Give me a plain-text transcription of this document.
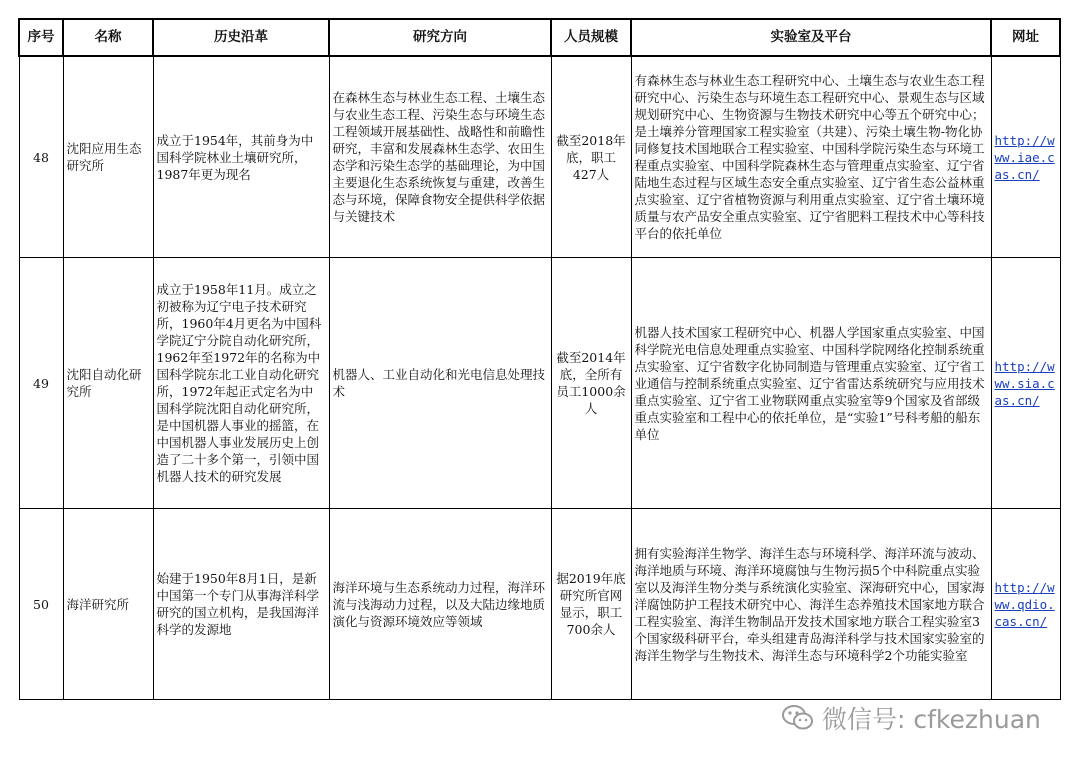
序号	名称	历史沿革	研究方向	人员规模	实验室及平台	网址
48	沈阳应用生态研究所	成立于1954年，其前身为中国科学院林业土壤研究所，1987年更为现名	在森林生态与林业生态工程、土壤生态与农业生态工程、污染生态与环境生态工程领域开展基础性、战略性和前瞻性研究，丰富和发展森林生态学、农田生态学和污染生态学的基础理论，为中国主要退化生态系统恢复与重建，改善生态与环境，保障食物安全提供科学依据与关键技术	截至2018年底，职工427人	有森林生态与林业生态工程研究中心、土壤生态与农业生态工程研究中心、污染生态与环境生态工程研究中心、景观生态与区域规划研究中心、生物资源与生物技术研究中心等五个研究中心；是土壤养分管理国家工程实验室（共建）、污染土壤生物-物化协同修复技术国地联合工程实验室、中国科学院污染生态与环境工程重点实验室、中国科学院森林生态与管理重点实验室、辽宁省陆地生态过程与区域生态安全重点实验室、辽宁省生态公益林重点实验室、辽宁省植物资源与利用重点实验室、辽宁省土壤环境质量与农产品安全重点实验室、辽宁省肥料工程技术中心等科技平台的依托单位	http://www.iae.cas.cn/
49	沈阳自动化研究所	成立于1958年11月。成立之初被称为辽宁电子技术研究所，1960年4月更名为中国科学院辽宁分院自动化研究所，1962年至1972年的名称为中国科学院东北工业自动化研究所，1972年起正式定名为中国科学院沈阳自动化研究所，是中国机器人事业的摇篮，在中国机器人事业发展历史上创造了二十多个第一，引领中国机器人技术的研究发展	机器人、工业自动化和光电信息处理技术	截至2014年底，全所有员工1000余人	机器人技术国家工程研究中心、机器人学国家重点实验室、中国科学院光电信息处理重点实验室、中国科学院网络化控制系统重点实验室、辽宁省数字化协同制造与管理重点实验室、辽宁省工业通信与控制系统重点实验室、辽宁省雷达系统研究与应用技术重点实验室、辽宁省工业物联网重点实验室等9个国家及省部级重点实验室和工程中心的依托单位，是“实验1”号科考船的船东单位	http://www.sia.cas.cn/
50	海洋研究所	始建于1950年8月1日，是新中国第一个专门从事海洋科学研究的国立机构，是我国海洋科学的发源地	海洋环境与生态系统动力过程，海洋环流与浅海动力过程，以及大陆边缘地质演化与资源环境效应等领域	据2019年底研究所官网显示，职工700余人	拥有实验海洋生物学、海洋生态与环境科学、海洋环流与波动、海洋地质与环境、海洋环境腐蚀与生物污损5个中科院重点实验室以及海洋生物分类与系统演化实验室、深海研究中心，国家海洋腐蚀防护工程技术研究中心、海洋生态养殖技术国家地方联合工程实验室、海洋生物制品开发技术国家地方联合工程实验室3个国家级科研平台，牵头组建青岛海洋科学与技术国家实验室的海洋生物学与生物技术、海洋生态与环境科学2个功能实验室	http://www.qdio.cas.cn/
微信号: cfkezhuan
